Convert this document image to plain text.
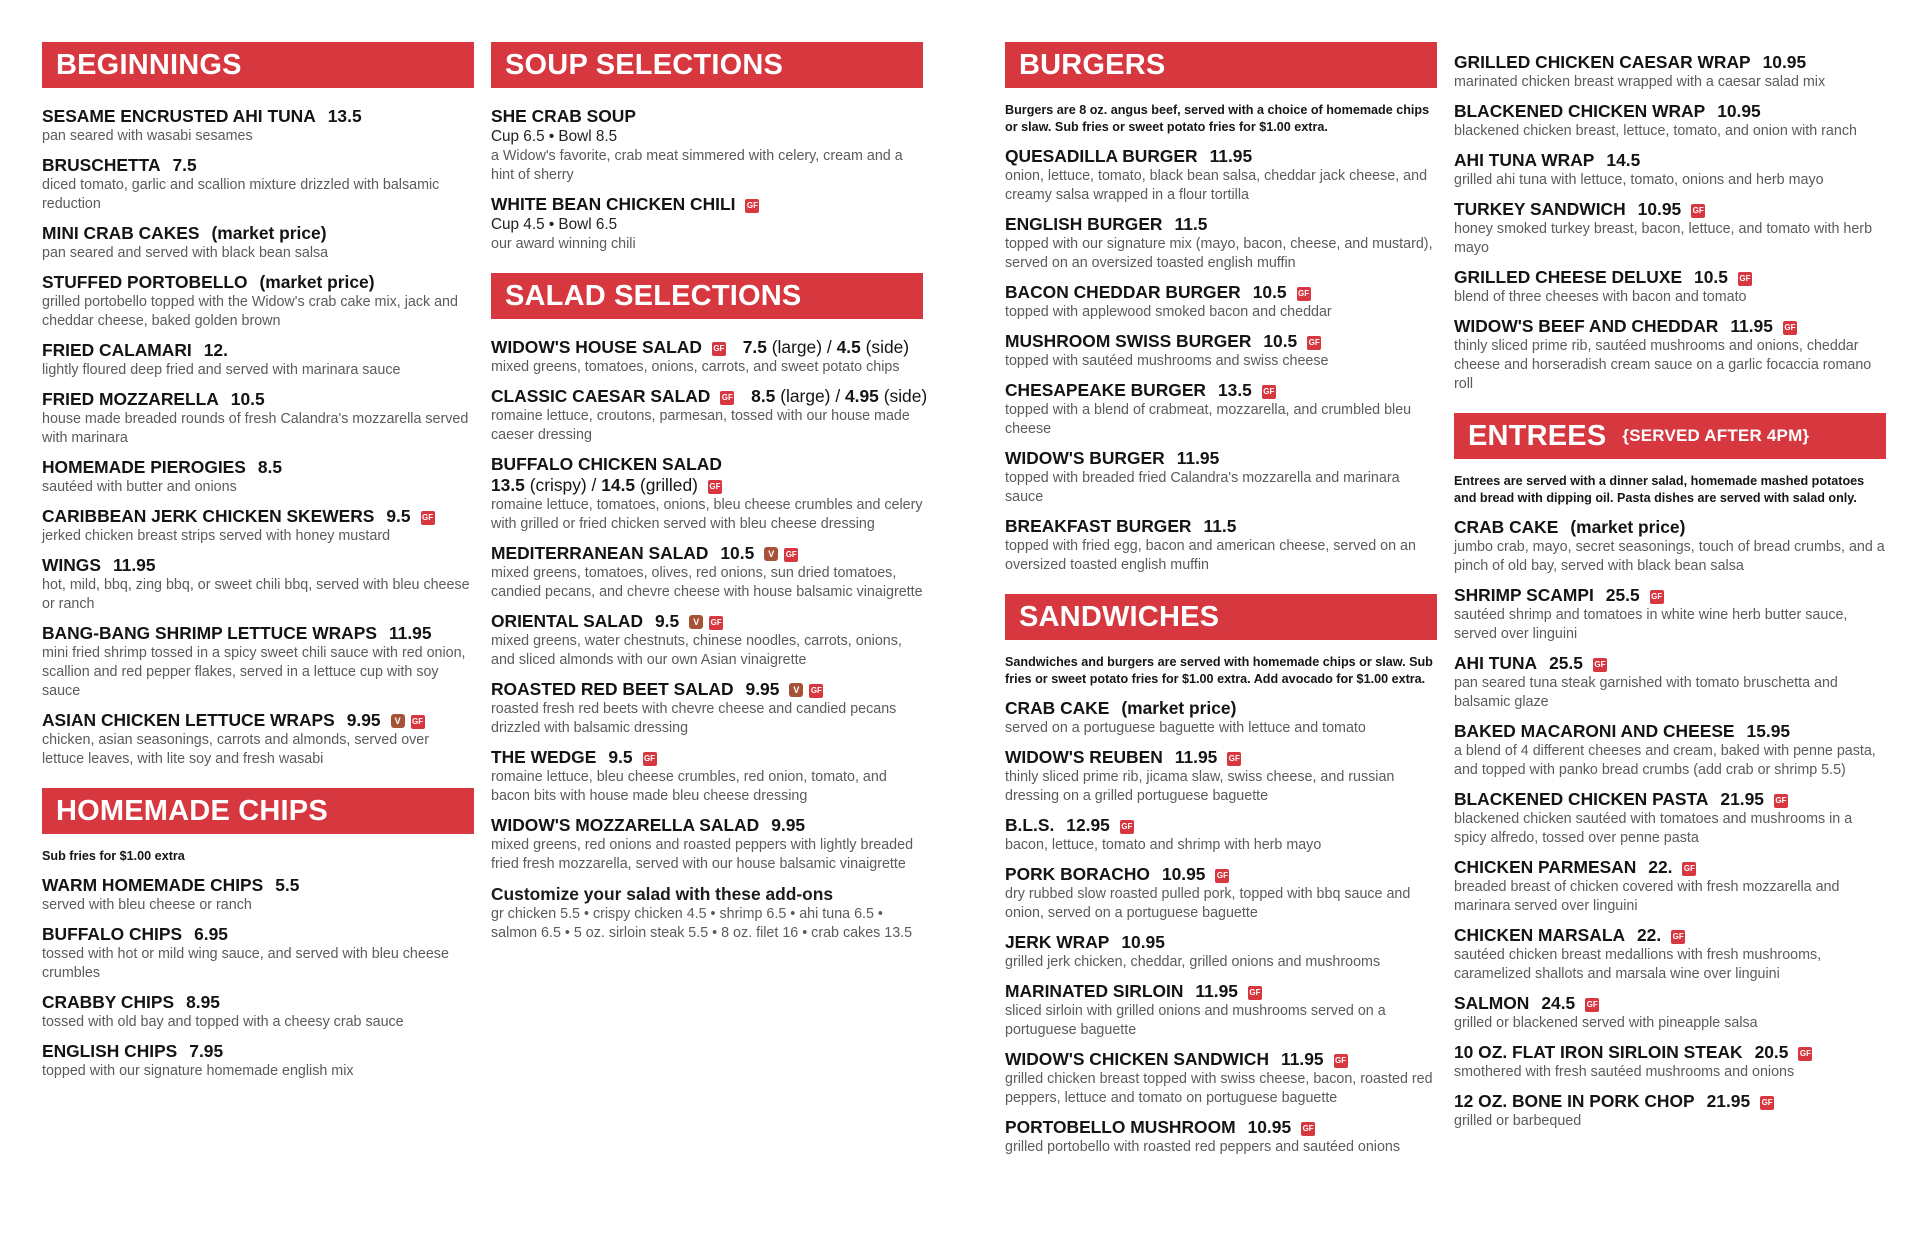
BEGINNINGS
SESAME ENCRUSTED AHI TUNA 13.5
pan seared with wasabi sesames
BRUSCHETTA 7.5
diced tomato, garlic and scallion mixture drizzled with balsamic reduction
MINI CRAB CAKES (market price)
pan seared and served with black bean salsa
STUFFED PORTOBELLO (market price)
grilled portobello topped with the Widow's crab cake mix, jack and cheddar cheese, baked golden brown
FRIED CALAMARI 12.
lightly floured deep fried and served with marinara sauce
FRIED MOZZARELLA 10.5
house made breaded rounds of fresh Calandra's mozzarella served with marinara
HOMEMADE PIEROGIES 8.5
sautéed with butter and onions
CARIBBEAN JERK CHICKEN SKEWERS 9.5 GF
jerked chicken breast strips served with honey mustard
WINGS 11.95
hot, mild, bbq, zing bbq, or sweet chili bbq, served with bleu cheese or ranch
BANG-BANG SHRIMP LETTUCE WRAPS 11.95
mini fried shrimp tossed in a spicy sweet chili sauce with red onion, scallion and red pepper flakes, served in a lettuce cup with soy sauce
ASIAN CHICKEN LETTUCE WRAPS 9.95 V GF
chicken, asian seasonings, carrots and almonds, served over lettuce leaves, with lite soy and fresh wasabi
HOMEMADE CHIPS
Sub fries for $1.00 extra
WARM HOMEMADE CHIPS 5.5
served with bleu cheese or ranch
BUFFALO CHIPS 6.95
tossed with hot or mild wing sauce, and served with bleu cheese crumbles
CRABBY CHIPS 8.95
tossed with old bay and topped with a cheesy crab sauce
ENGLISH CHIPS 7.95
topped with our signature homemade english mix
SOUP SELECTIONS
SHE CRAB SOUP
Cup 6.5 • Bowl 8.5
a Widow's favorite, crab meat simmered with celery, cream and a hint of sherry
WHITE BEAN CHICKEN CHILI GF
Cup 4.5 • Bowl 6.5
our award winning chili
SALAD SELECTIONS
WIDOW'S HOUSE SALAD GF 7.5 (large) / 4.5 (side)
mixed greens, tomatoes, onions, carrots, and sweet potato chips
CLASSIC CAESAR SALAD GF 8.5 (large) / 4.95 (side)
romaine lettuce, croutons, parmesan, tossed with our house made caeser dressing
BUFFALO CHICKEN SALAD
13.5 (crispy) / 14.5 (grilled) GF
romaine lettuce, tomatoes, onions, bleu cheese crumbles and celery with grilled or fried chicken served with bleu cheese dressing
MEDITERRANEAN SALAD 10.5 V GF
mixed greens, tomatoes, olives, red onions, sun dried tomatoes, candied pecans, and chevre cheese with house balsamic vinaigrette
ORIENTAL SALAD 9.5 V GF
mixed greens, water chestnuts, chinese noodles, carrots, onions, and sliced almonds with our own Asian vinaigrette
ROASTED RED BEET SALAD 9.95 V GF
roasted fresh red beets with chevre cheese and candied pecans drizzled with balsamic dressing
THE WEDGE 9.5 GF
romaine lettuce, bleu cheese crumbles, red onion, tomato, and bacon bits with house made bleu cheese dressing
WIDOW'S MOZZARELLA SALAD 9.95
mixed greens, red onions and roasted peppers with lightly breaded fried fresh mozzarella, served with our house balsamic vinaigrette
Customize your salad with these add-ons
gr chicken 5.5 • crispy chicken 4.5 • shrimp 6.5 • ahi tuna 6.5 • salmon 6.5 • 5 oz. sirloin steak 5.5 • 8 oz. filet 16 • crab cakes 13.5
BURGERS
Burgers are 8 oz. angus beef, served with a choice of homemade chips or slaw. Sub fries or sweet potato fries for $1.00 extra.
QUESADILLA BURGER 11.95
onion, lettuce, tomato, black bean salsa, cheddar jack cheese, and creamy salsa wrapped in a flour tortilla
ENGLISH BURGER 11.5
topped with our signature mix (mayo, bacon, cheese, and mustard), served on an oversized toasted english muffin
BACON CHEDDAR BURGER 10.5 GF
topped with applewood smoked bacon and cheddar
MUSHROOM SWISS BURGER 10.5 GF
topped with sautéed mushrooms and swiss cheese
CHESAPEAKE BURGER 13.5 GF
topped with a blend of crabmeat, mozzarella, and crumbled bleu cheese
WIDOW'S BURGER 11.95
topped with breaded fried Calandra's mozzarella and marinara sauce
BREAKFAST BURGER 11.5
topped with fried egg, bacon and american cheese, served on an oversized toasted english muffin
SANDWICHES
Sandwiches and burgers are served with homemade chips or slaw. Sub fries or sweet potato fries for $1.00 extra. Add avocado for $1.00 extra.
CRAB CAKE (market price)
served on a portuguese baguette with lettuce and tomato
WIDOW'S REUBEN 11.95 GF
thinly sliced prime rib, jicama slaw, swiss cheese, and russian dressing on a grilled portuguese baguette
B.L.S. 12.95 GF
bacon, lettuce, tomato and shrimp with herb mayo
PORK BORACHO 10.95 GF
dry rubbed slow roasted pulled pork, topped with bbq sauce and onion, served on a portuguese baguette
JERK WRAP 10.95
grilled jerk chicken, cheddar, grilled onions and mushrooms
MARINATED SIRLOIN 11.95 GF
sliced sirloin with grilled onions and mushrooms served on a portuguese baguette
WIDOW'S CHICKEN SANDWICH 11.95 GF
grilled chicken breast topped with swiss cheese, bacon, roasted red peppers, lettuce and tomato on portuguese baguette
PORTOBELLO MUSHROOM 10.95 GF
grilled portobello with roasted red peppers and sautéed onions
GRILLED CHICKEN CAESAR WRAP 10.95
marinated chicken breast wrapped with a caesar salad mix
BLACKENED CHICKEN WRAP 10.95
blackened chicken breast, lettuce, tomato, and onion with ranch
AHI TUNA WRAP 14.5
grilled ahi tuna with lettuce, tomato, onions and herb mayo
TURKEY SANDWICH 10.95 GF
honey smoked turkey breast, bacon, lettuce, and tomato with herb mayo
GRILLED CHEESE DELUXE 10.5 GF
blend of three cheeses with bacon and tomato
WIDOW'S BEEF AND CHEDDAR 11.95 GF
thinly sliced prime rib, sautéed mushrooms and onions, cheddar cheese and horseradish cream sauce on a garlic focaccia romano roll
ENTREES {SERVED AFTER 4PM}
Entrees are served with a dinner salad, homemade mashed potatoes and bread with dipping oil. Pasta dishes are served with salad only.
CRAB CAKE (market price)
jumbo crab, mayo, secret seasonings, touch of bread crumbs, and a pinch of old bay, served with black bean salsa
SHRIMP SCAMPI 25.5 GF
sautéed shrimp and tomatoes in white wine herb butter sauce, served over linguini
AHI TUNA 25.5 GF
pan seared tuna steak garnished with tomato bruschetta and balsamic glaze
BAKED MACARONI AND CHEESE 15.95
a blend of 4 different cheeses and cream, baked with penne pasta, and topped with panko bread crumbs (add crab or shrimp 5.5)
BLACKENED CHICKEN PASTA 21.95 GF
blackened chicken sautéed with tomatoes and mushrooms in a spicy alfredo, tossed over penne pasta
CHICKEN PARMESAN 22. GF
breaded breast of chicken covered with fresh mozzarella and marinara served over linguini
CHICKEN MARSALA 22. GF
sautéed chicken breast medallions with fresh mushrooms, caramelized shallots and marsala wine over linguini
SALMON 24.5 GF
grilled or blackened served with pineapple salsa
10 OZ. FLAT IRON SIRLOIN STEAK 20.5 GF
smothered with fresh sautéed mushrooms and onions
12 OZ. BONE IN PORK CHOP 21.95 GF
grilled or barbequed
